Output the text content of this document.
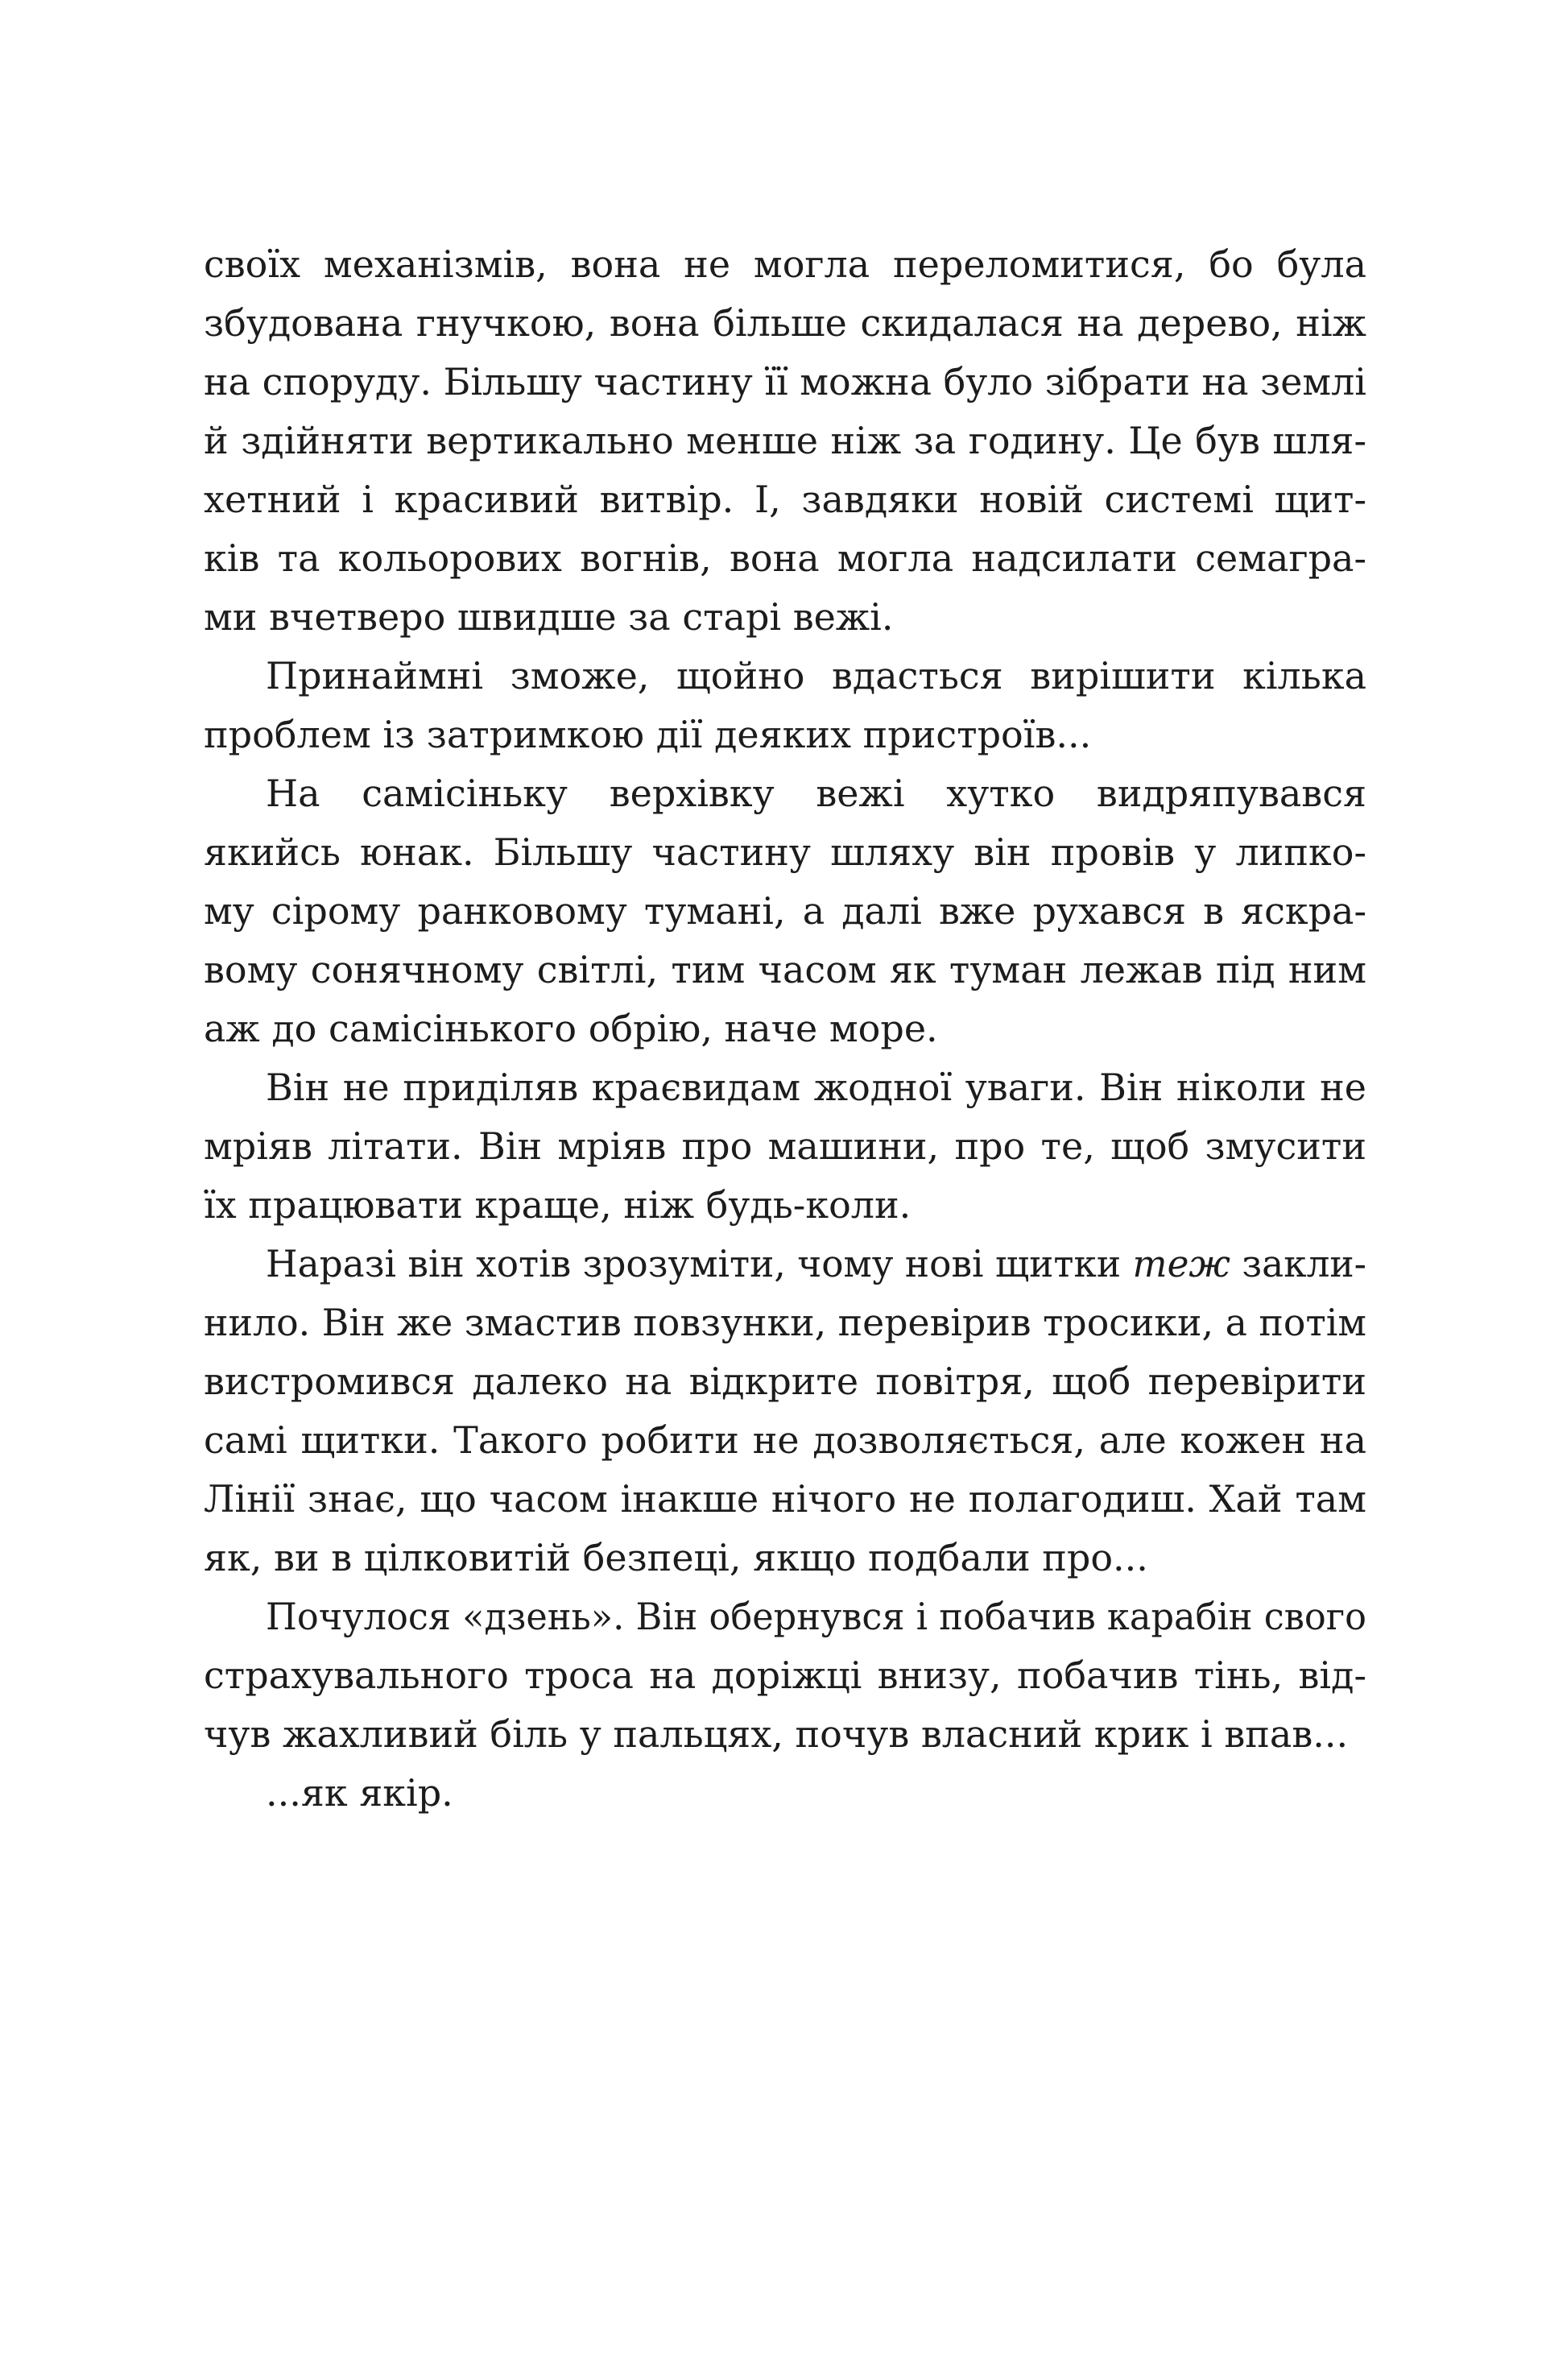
своїх механізмів, вона не могла переломитися, бо була
збудована гнучкою, вона більше скидалася на дерево, ніж
на споруду. Більшу частину її можна було зібрати на землі
й здійняти вертикально менше ніж за годину. Це був шля-
хетний і красивий витвір. І, завдяки новій системі щит-
ків та кольорових вогнів, вона могла надсилати семагра-
ми вчетверо швидше за старі вежі.

Принаймні зможе, щойно вдасться вирішити кілька
проблем із затримкою дії деяких пристроїв...

На самісіньку верхівку вежі хутко видряпувався
якийсь юнак. Більшу частину шляху він провів у липко-
му сірому ранковому тумані, а далі вже рухався в яскра-
вому сонячному світлі, тим часом як туман лежав під ним
аж до самісінького обрію, наче море.

Він не приділяв краєвидам жодної уваги. Він ніколи не
мріяв літати. Він мріяв про машини, про те, щоб змусити
їх працювати краще, ніж будь-коли.

Наразі він хотів зрозуміти, чому нові щитки теж закли-
нило. Він же змастив повзунки, перевірив тросики, а потім
вистромився далеко на відкрите повітря, щоб перевірити
самі щитки. Такого робити не дозволяється, але кожен на
Лінії знає, що часом інакше нічого не полагодиш. Хай там
як, ви в цілковитій безпеці, якщо подбали про...

Почулося «дзень». Він обернувся і побачив карабін свого
страхувального троса на доріжці внизу, побачив тінь, від-
чув жахливий біль у пальцях, почув власний крик і впав...

...як якір.
